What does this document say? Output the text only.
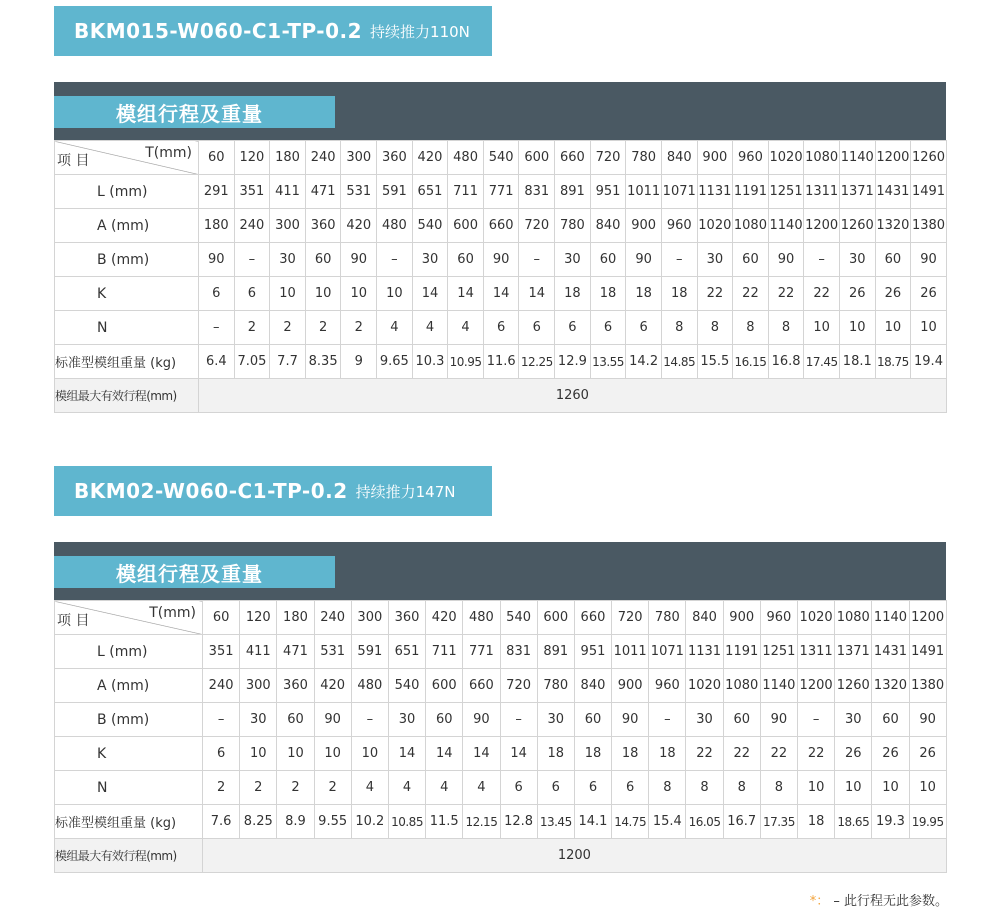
BKM015-W060-C1-TP-0.2 持续推力110N
模组行程及重量
T(mm)
项 目	60	120	180	240	300	360	420	480	540	600	660	720	780	840	900	960	1020	1080	1140	1200	1260
L (mm)	291	351	411	471	531	591	651	711	771	831	891	951	1011	1071	1131	1191	1251	1311	1371	1431	1491
A (mm)	180	240	300	360	420	480	540	600	660	720	780	840	900	960	1020	1080	1140	1200	1260	1320	1380
B (mm)	90	–	30	60	90	–	30	60	90	–	30	60	90	–	30	60	90	–	30	60	90
K	6	6	10	10	10	10	14	14	14	14	18	18	18	18	22	22	22	22	26	26	26
N	–	2	2	2	2	4	4	4	6	6	6	6	6	8	8	8	8	10	10	10	10
标准型模组重量 (kg)	6.4	7.05	7.7	8.35	9	9.65	10.3	10.95	11.6	12.25	12.9	13.55	14.2	14.85	15.5	16.15	16.8	17.45	18.1	18.75	19.4
模组最大有效行程(mm)	1260																				
BKM02-W060-C1-TP-0.2 持续推力147N
模组行程及重量
T(mm)
项 目	60	120	180	240	300	360	420	480	540	600	660	720	780	840	900	960	1020	1080	1140	1200
L (mm)	351	411	471	531	591	651	711	771	831	891	951	1011	1071	1131	1191	1251	1311	1371	1431	1491
A (mm)	240	300	360	420	480	540	600	660	720	780	840	900	960	1020	1080	1140	1200	1260	1320	1380
B (mm)	–	30	60	90	–	30	60	90	–	30	60	90	–	30	60	90	–	30	60	90
K	6	10	10	10	10	14	14	14	14	18	18	18	18	22	22	22	22	26	26	26
N	2	2	2	2	4	4	4	4	6	6	6	6	8	8	8	8	10	10	10	10
标准型模组重量 (kg)	7.6	8.25	8.9	9.55	10.2	10.85	11.5	12.15	12.8	13.45	14.1	14.75	15.4	16.05	16.7	17.35	18	18.65	19.3	19.95
模组最大有效行程(mm)	1200																			
*： – 此行程无此参数。
